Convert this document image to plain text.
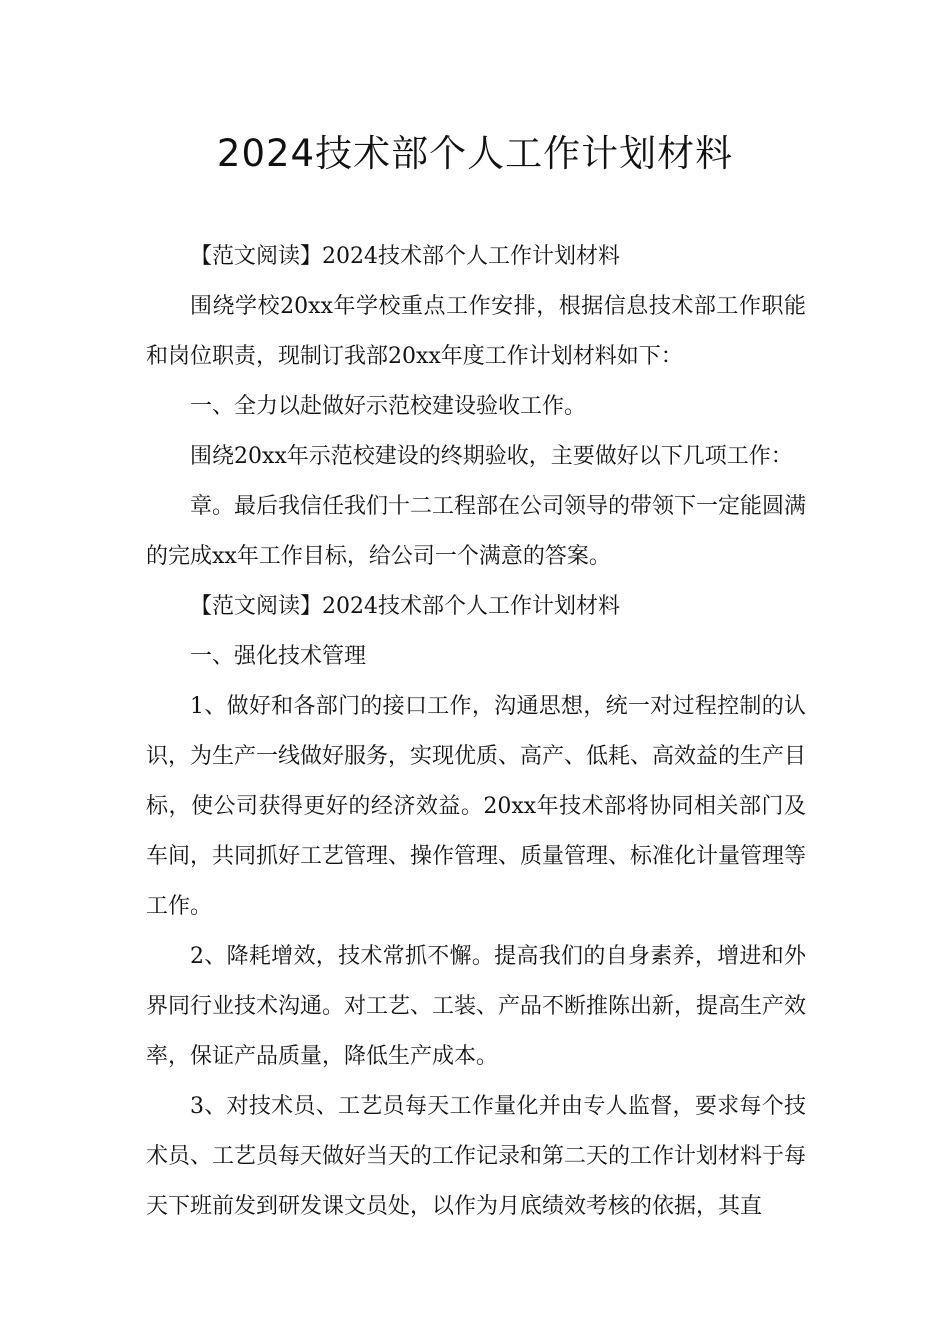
2024技术部个人工作计划材料

【范文阅读】2024技术部个人工作计划材料

围绕学校20xx年学校重点工作安排，根据信息技术部工作职能和岗位职责，现制订我部20xx年度工作计划材料如下：

一、全力以赴做好示范校建设验收工作。

围绕20xx年示范校建设的终期验收，主要做好以下几项工作：

章。最后我信任我们十二工程部在公司领导的带领下一定能圆满的完成xx年工作目标，给公司一个满意的答案。

【范文阅读】2024技术部个人工作计划材料

一、强化技术管理

1、做好和各部门的接口工作，沟通思想，统一对过程控制的认识，为生产一线做好服务，实现优质、高产、低耗、高效益的生产目标，使公司获得更好的经济效益。20xx年技术部将协同相关部门及车间，共同抓好工艺管理、操作管理、质量管理、标准化计量管理等工作。

2、降耗增效，技术常抓不懈。提高我们的自身素养，增进和外界同行业技术沟通。对工艺、工装、产品不断推陈出新，提高生产效率，保证产品质量，降低生产成本。

3、对技术员、工艺员每天工作量化并由专人监督，要求每个技术员、工艺员每天做好当天的工作记录和第二天的工作计划材料于每天下班前发到研发课文员处，以作为月底绩效考核的依据，其直
